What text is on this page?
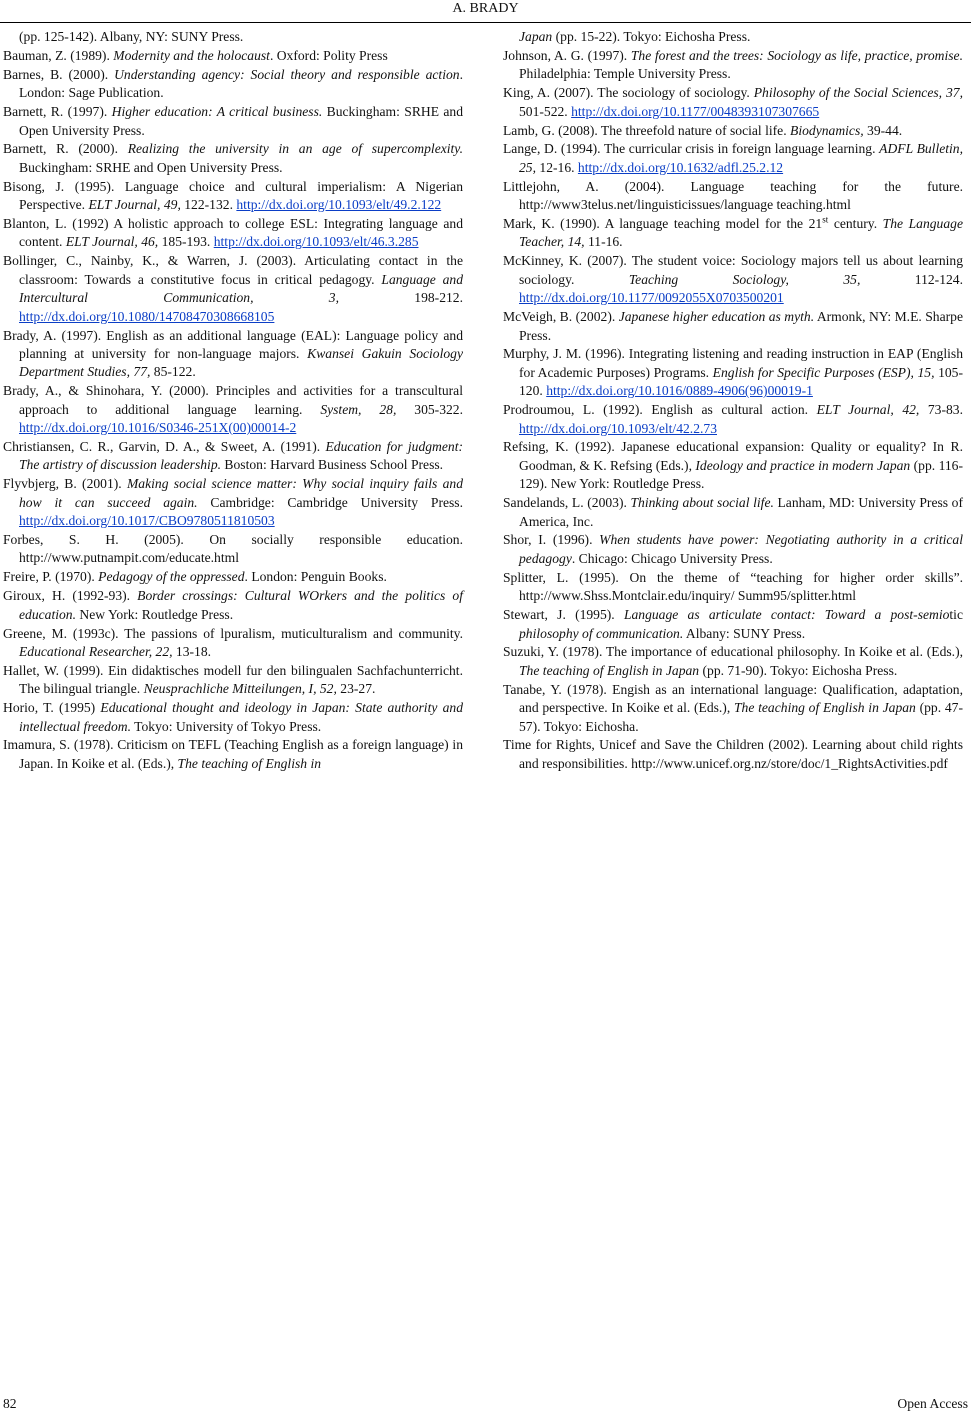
A. BRADY

(pp. 125-142). Albany, NY: SUNY Press.

Bauman, Z. (1989). Modernity and the holocaust. Oxford: Polity Press

Barnes, B. (2000). Understanding agency: Social theory and responsible action. London: Sage Publication.

Barnett, R. (1997). Higher education: A critical business. Buckingham: SRHE and Open University Press.

Barnett, R. (2000). Realizing the university in an age of supercomplexity. Buckingham: SRHE and Open University Press.

Bisong, J. (1995). Language choice and cultural imperialism: A Nigerian Perspective. ELT Journal, 49, 122-132. http://dx.doi.org/10.1093/elt/49.2.122

Blanton, L. (1992) A holistic approach to college ESL: Integrating language and content. ELT Journal, 46, 185-193. http://dx.doi.org/10.1093/elt/46.3.285

Bollinger, C., Nainby, K., & Warren, J. (2003). Articulating contact in the classroom: Towards a constitutive focus in critical pedagogy. Language and Intercultural Communication, 3, 198-212. http://dx.doi.org/10.1080/14708470308668105

Brady, A. (1997). English as an additional language (EAL): Language policy and planning at university for non-language majors. Kwansei Gakuin Sociology Department Studies, 77, 85-122.

Brady, A., & Shinohara, Y. (2000). Principles and activities for a transcultural approach to additional language learning. System, 28, 305-322. http://dx.doi.org/10.1016/S0346-251X(00)00014-2

Christiansen, C. R., Garvin, D. A., & Sweet, A. (1991). Education for judgment: The artistry of discussion leadership. Boston: Harvard Business School Press.

Flyvbjerg, B. (2001). Making social science matter: Why social inquiry fails and how it can succeed again. Cambridge: Cambridge University Press. http://dx.doi.org/10.1017/CBO9780511810503

Forbes, S. H. (2005). On socially responsible education. http://www.putnampit.com/educate.html

Freire, P. (1970). Pedagogy of the oppressed. London: Penguin Books.

Giroux, H. (1992-93). Border crossings: Cultural WOrkers and the politics of education. New York: Routledge Press.

Greene, M. (1993c). The passions of lpuralism, muticulturalism and community. Educational Researcher, 22, 13-18.

Hallet, W. (1999). Ein didaktisches modell fur den bilingualen Sachfachunterricht. The bilingual triangle. Neusprachliche Mitteilungen, I, 52, 23-27.

Horio, T. (1995) Educational thought and ideology in Japan: State authority and intellectual freedom. Tokyo: University of Tokyo Press.

Imamura, S. (1978). Criticism on TEFL (Teaching English as a foreign language) in Japan. In Koike et al. (Eds.), The teaching of English in

Japan (pp. 15-22). Tokyo: Eichosha Press.

Johnson, A. G. (1997). The forest and the trees: Sociology as life, practice, promise. Philadelphia: Temple University Press.

King, A. (2007). The sociology of sociology. Philosophy of the Social Sciences, 37, 501-522. http://dx.doi.org/10.1177/0048393107307665

Lamb, G. (2008). The threefold nature of social life. Biodynamics, 39-44.

Lange, D. (1994). The curricular crisis in foreign language learning. ADFL Bulletin, 25, 12-16. http://dx.doi.org/10.1632/adfl.25.2.12

Littlejohn, A. (2004). Language teaching for the future. http://www3telus.net/linguisticissues/language teaching.html

Mark, K. (1990). A language teaching model for the 21st century. The Language Teacher, 14, 11-16.

McKinney, K. (2007). The student voice: Sociology majors tell us about learning sociology. Teaching Sociology, 35, 112-124. http://dx.doi.org/10.1177/0092055X0703500201

McVeigh, B. (2002). Japanese higher education as myth. Armonk, NY: M.E. Sharpe Press.

Murphy, J. M. (1996). Integrating listening and reading instruction in EAP (English for Academic Purposes) Programs. English for Specific Purposes (ESP), 15, 105-120. http://dx.doi.org/10.1016/0889-4906(96)00019-1

Prodroumou, L. (1992). English as cultural action. ELT Journal, 42, 73-83. http://dx.doi.org/10.1093/elt/42.2.73

Refsing, K. (1992). Japanese educational expansion: Quality or equality? In R. Goodman, & K. Refsing (Eds.), Ideology and practice in modern Japan (pp. 116-129). New York: Routledge Press.

Sandelands, L. (2003). Thinking about social life. Lanham, MD: University Press of America, Inc.

Shor, I. (1996). When students have power: Negotiating authority in a critical pedagogy. Chicago: Chicago University Press.

Splitter, L. (1995). On the theme of “teaching for higher order skills”. http://www.Shss.Montclair.edu/inquiry/ Summ95/splitter.html

Stewart, J. (1995). Language as articulate contact: Toward a post-semiotic philosophy of communication. Albany: SUNY Press.

Suzuki, Y. (1978). The importance of educational philosophy. In Koike et al. (Eds.), The teaching of English in Japan (pp. 71-90). Tokyo: Eichosha Press.

Tanabe, Y. (1978). Engish as an international language: Qualification, adaptation, and perspective. In Koike et al. (Eds.), The teaching of English in Japan (pp. 47-57). Tokyo: Eichosha.

Time for Rights, Unicef and Save the Children (2002). Learning about child rights and responsibilities. http://www.unicef.org.nz/store/doc/1_RightsActivities.pdf

82	Open Access
